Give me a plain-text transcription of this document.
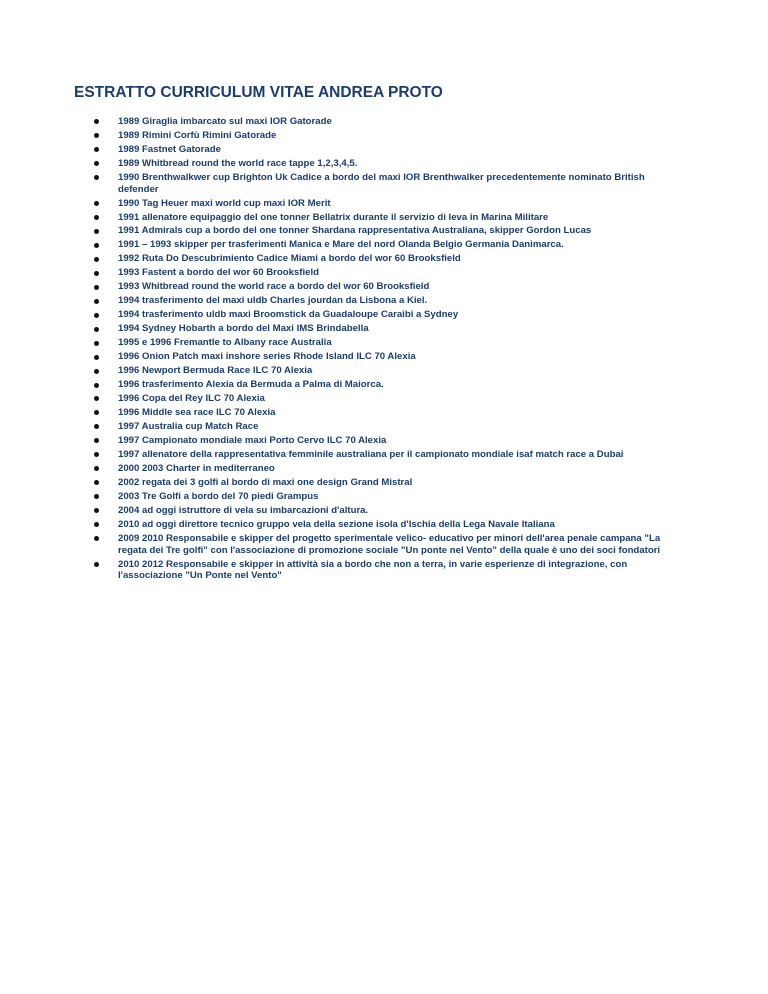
ESTRATTO CURRICULUM VITAE ANDREA PROTO
1989 Giraglia imbarcato sul maxi IOR Gatorade
1989 Rimini Corfù Rimini Gatorade
1989 Fastnet Gatorade
1989 Whitbread round the world race tappe 1,2,3,4,5.
1990 Brenthwalkwer cup Brighton Uk Cadice a bordo del maxi IOR Brenthwalker precedentemente nominato British defender
1990 Tag Heuer maxi world cup maxi IOR Merit
1991 allenatore equipaggio del one tonner Bellatrix durante il servizio di leva in Marina Militare
1991 Admirals cup a bordo del one tonner Shardana rappresentativa Australiana, skipper Gordon Lucas
1991 – 1993 skipper per trasferimenti Manica e Mare del nord Olanda Belgio Germania Danimarca.
1992 Ruta Do Descubrimiento Cadice Miami a bordo del wor 60 Brooksfield
1993 Fastent a bordo del wor 60 Brooksfield
1993 Whitbread round the world race a bordo del wor 60 Brooksfield
1994 trasferimento del maxi uldb Charles jourdan da Lisbona a Kiel.
1994 trasferimento uldb maxi Broomstick da Guadaloupe Caraibi a Sydney
1994 Sydney Hobarth a bordo del Maxi IMS Brindabella
1995 e 1996 Fremantle to Albany race Australia
1996 Onion Patch maxi inshore series Rhode Island ILC 70 Alexia
1996 Newport Bermuda Race ILC 70 Alexia
1996 trasferimento Alexia da Bermuda a Palma di Maiorca.
1996 Copa del Rey ILC 70 Alexia
1996 Middle sea race ILC 70 Alexia
1997 Australia cup Match Race
1997 Campionato mondiale maxi Porto Cervo ILC 70 Alexia
1997 allenatore della rappresentativa femminile australiana per il campionato mondiale isaf match race a Dubai
2000 2003 Charter in mediterraneo
2002 regata dei 3 golfi al bordo di maxi one design Grand Mistral
2003 Tre Golfi a bordo del 70 piedi Grampus
2004 ad oggi istruttore di vela su imbarcazioni d'altura.
2010 ad oggi direttore tecnico gruppo vela della sezione isola d'Ischia della Lega Navale Italiana
2009 2010 Responsabile e skipper del progetto sperimentale velico- educativo per minori dell'area penale campana "La regata dei Tre golfi" con l'associazione di promozione sociale "Un ponte nel Vento" della quale è uno dei soci fondatori
2010 2012 Responsabile e skipper in attività sia a bordo che non a terra, in varie esperienze di integrazione, con l'associazione "Un Ponte nel Vento"
